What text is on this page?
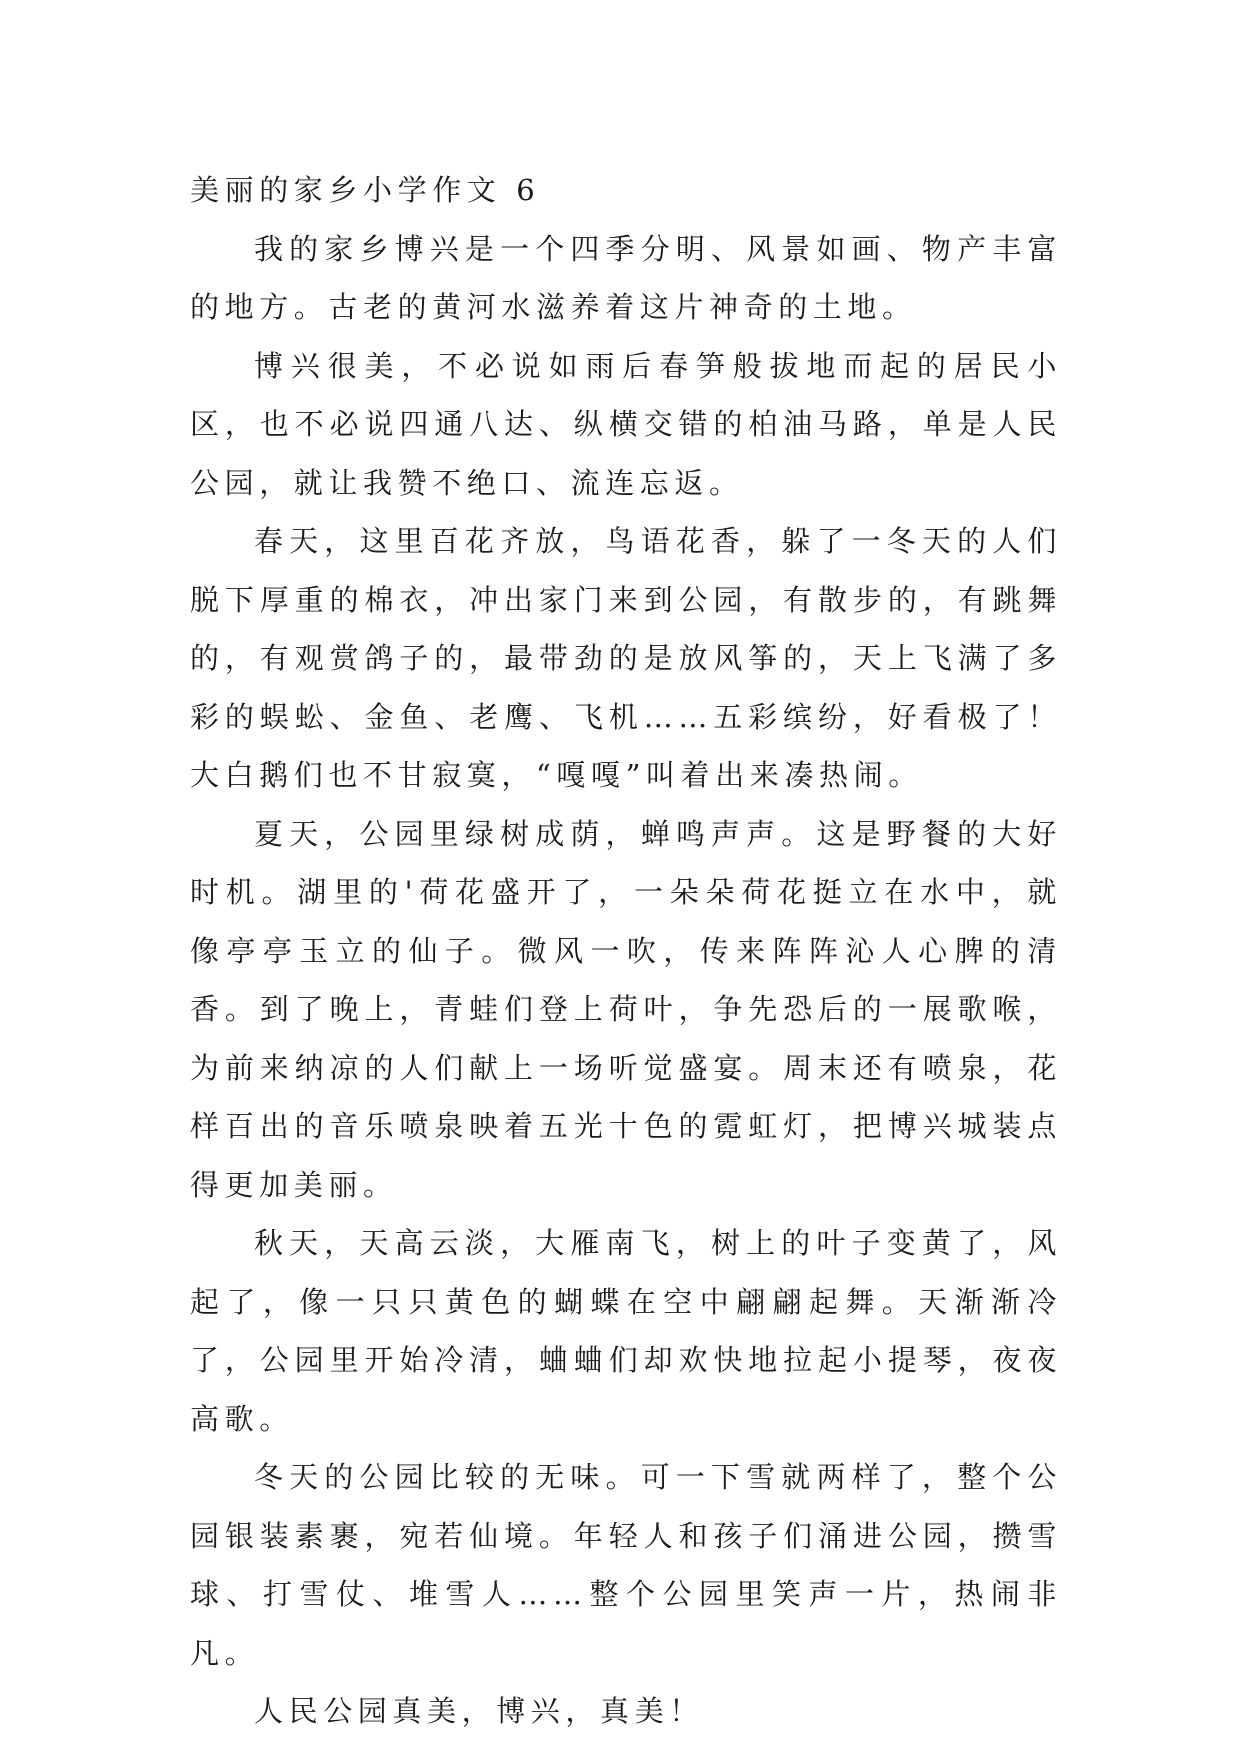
美丽的家乡小学作文 6

我的家乡博兴是一个四季分明、风景如画、物产丰富的地方。古老的黄河水滋养着这片神奇的土地。

博兴很美，不必说如雨后春笋般拔地而起的居民小区，也不必说四通八达、纵横交错的柏油马路，单是人民公园，就让我赞不绝口、流连忘返。

春天，这里百花齐放，鸟语花香，躲了一冬天的人们脱下厚重的棉衣，冲出家门来到公园，有散步的，有跳舞的，有观赏鸽子的，最带劲的是放风筝的，天上飞满了多彩的蜈蚣、金鱼、老鹰、飞机……五彩缤纷，好看极了！大白鹅们也不甘寂寞，“嘎嘎”叫着出来凑热闹。

夏天，公园里绿树成荫，蝉鸣声声。这是野餐的大好时机。湖里的'荷花盛开了，一朵朵荷花挺立在水中，就像亭亭玉立的仙子。微风一吹，传来阵阵沁人心脾的清香。到了晚上，青蛙们登上荷叶，争先恐后的一展歌喉，为前来纳凉的人们献上一场听觉盛宴。周末还有喷泉，花样百出的音乐喷泉映着五光十色的霓虹灯，把博兴城装点得更加美丽。

秋天，天高云淡，大雁南飞，树上的叶子变黄了，风起了，像一只只黄色的蝴蝶在空中翩翩起舞。天渐渐冷了，公园里开始冷清，蛐蛐们却欢快地拉起小提琴，夜夜高歌。

冬天的公园比较的无味。可一下雪就两样了，整个公园银装素裹，宛若仙境。年轻人和孩子们涌进公园，攒雪球、打雪仗、堆雪人……整个公园里笑声一片，热闹非凡。

人民公园真美，博兴，真美！
